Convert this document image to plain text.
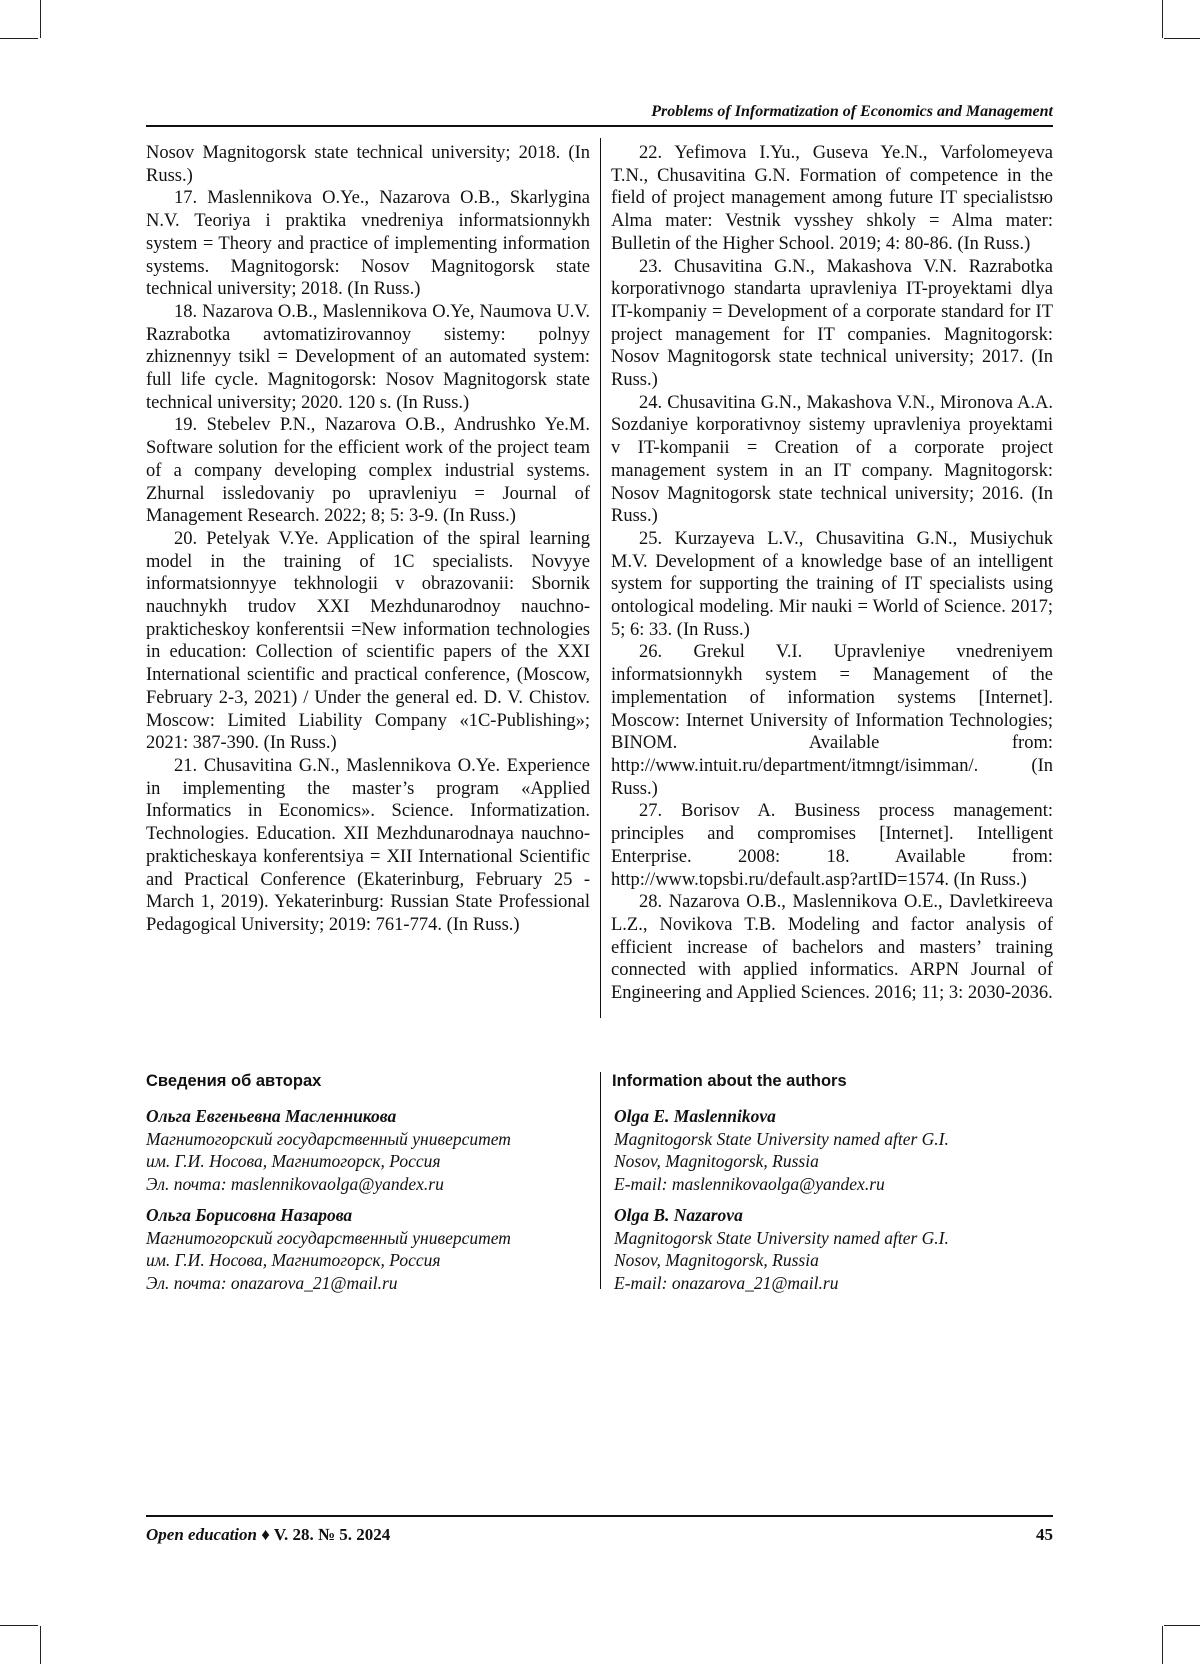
Problems of Informatization of Economics and Management

Nosov Magnitogorsk state technical university; 2018. (In Russ.)

17. Maslennikova O.Ye., Nazarova O.B., Skarlygina N.V. Teoriya i praktika vnedreniya informatsionnykh system = Theory and practice of implementing information systems. Magnitogorsk: Nosov Magnitogorsk state technical university; 2018. (In Russ.)

18. Nazarova O.B., Maslennikova O.Ye, Naumova U.V. Razrabotka avtomatizirovannoy sistemy: polnyy zhiznennyy tsikl = Development of an automated system: full life cycle. Magnitogorsk: Nosov Magnitogorsk state technical university; 2020. 120 s. (In Russ.)

19. Stebelev P.N., Nazarova O.B., Andrushko Ye.M. Software solution for the efficient work of the project team of a company developing complex industrial systems. Zhurnal issledovaniy po upravleniyu = Journal of Management Research. 2022; 8; 5: 3-9. (In Russ.)

20. Petelyak V.Ye. Application of the spiral learning model in the training of 1C specialists. Novyye informatsionnyye tekhnologii v obrazovanii: Sbornik nauchnykh trudov XXI Mezhdunarodnoy nauchno-prakticheskoy konferentsii =New information technologies in education: Collection of scientific papers of the XXI International scientific and practical conference, (Moscow, February 2-3, 2021) / Under the general ed. D. V. Chistov. Moscow: Limited Liability Company «1C-Publishing»; 2021: 387-390. (In Russ.)

21. Chusavitina G.N., Maslennikova O.Ye. Experience in implementing the master’s program «Applied Informatics in Economics». Science. Informatization. Technologies. Education. XII Mezhdunarodnaya nauchno-prakticheskaya konferentsiya = XII International Scientific and Practical Conference (Ekaterinburg, February 25 - March 1, 2019). Yekaterinburg: Russian State Professional Pedagogical University; 2019: 761-774. (In Russ.)

22. Yefimova I.Yu., Guseva Ye.N., Varfolomeyeva T.N., Chusavitina G.N. Formation of competence in the field of project management among future IT specialistsю Alma mater: Vestnik vysshey shkoly = Alma mater: Bulletin of the Higher School. 2019; 4: 80-86. (In Russ.)

23. Chusavitina G.N., Makashova V.N. Razrabotka korporativnogo standarta upravleniya IT-proyektami dlya IT-kompaniy = Development of a corporate standard for IT project management for IT companies. Magnitogorsk: Nosov Magnitogorsk state technical university; 2017. (In Russ.)

24. Chusavitina G.N., Makashova V.N., Mironova A.A. Sozdaniye korporativnoy sistemy upravleniya proyektami v IT-kompanii = Creation of a corporate project management system in an IT company. Magnitogorsk: Nosov Magnitogorsk state technical university; 2016. (In Russ.)

25. Kurzayeva L.V., Chusavitina G.N., Musiychuk M.V. Development of a knowledge base of an intelligent system for supporting the training of IT specialists using ontological modeling. Mir nauki = World of Science. 2017; 5; 6: 33. (In Russ.)

26. Grekul V.I. Upravleniye vnedreniyem informatsionnykh system = Management of the implementation of information systems [Internet]. Moscow: Internet University of Information Technologies; BINOM. Available from: http://www.intuit.ru/department/itmngt/isimman/. (In Russ.)

27. Borisov A. Business process management: principles and compromises [Internet]. Intelligent Enterprise. 2008: 18. Available from: http://www.topsbi.ru/default.asp?artID=1574. (In Russ.)

28. Nazarova O.B., Maslennikova O.E., Davletkireeva L.Z., Novikova T.B. Modeling and factor analysis of efficient increase of bachelors and masters’ training connected with applied informatics. ARPN Journal of Engineering and Applied Sciences. 2016; 11; 3: 2030-2036.

Сведения об авторах	Information about the authors
Ольга Евгеньевна Масленникова
Магнитогорский государственный университет
им. Г.И. Носова, Магнитогорск, Россия
Эл. почта: maslennikovaolga@yandex.ru
Ольга Борисовна Назарова
Магнитогорский государственный университет
им. Г.И. Носова, Магнитогорск, Россия
Эл. почта: onazarova_21@mail.ru
Olga E. Maslennikova
Magnitogorsk State University named after G.I.
Nosov, Magnitogorsk, Russia
E-mail: maslennikovaolga@yandex.ru
Olga B. Nazarova
Magnitogorsk State University named after G.I.
Nosov, Magnitogorsk, Russia
E-mail: onazarova_21@mail.ru
Open education ♦ V. 28. № 5. 2024	45
